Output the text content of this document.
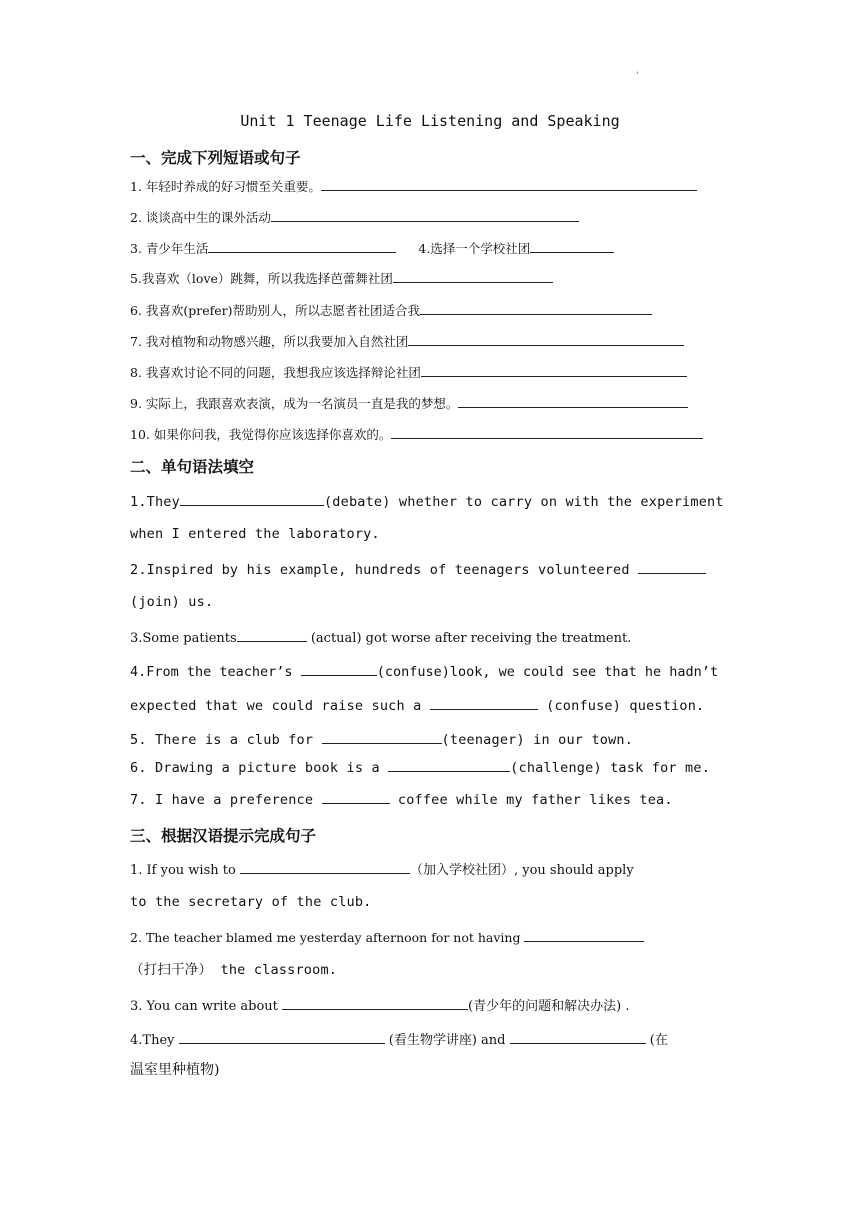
'
Unit 1 Teenage Life Listening and Speaking
一、完成下列短语或句子
1. 年轻时养成的好习惯至关重要。
2. 谈谈高中生的课外活动
3. 青少年生活	4.选择一个学校社团
5.我喜欢（love）跳舞，所以我选择芭蕾舞社团
6. 我喜欢(prefer)帮助别人，所以志愿者社团适合我
7. 我对植物和动物感兴趣，所以我要加入自然社团
8. 我喜欢讨论不同的问题，我想我应该选择辩论社团
9. 实际上，我跟喜欢表演，成为一名演员一直是我的梦想。
10. 如果你问我，我觉得你应该选择你喜欢的。
二、单句语法填空
1.They	(debate) whether to carry on with the experiment
when I entered the laboratory.
2.Inspired by his example, hundreds of teenagers volunteered
(join) us.
3.Some patients	(actual) got worse after receiving the treatment.
4.From the teacher’s	(confuse)look, we could see that he hadn’t
expected that we could raise such a	(confuse) question.
5. There is a club for	(teenager) in our town.
6. Drawing a picture book is a	(challenge) task for me.
7. I have a preference	coffee while my father likes tea.
三、根据汉语提示完成句子
1. If you wish to	（加入学校社团）, you should apply
to the secretary of the club.
2. The teacher blamed me yesterday afternoon for not having
（打扫干净） the classroom.
3. You can write about	(青少年的问题和解决办法) .
4.They	(看生物学讲座) and	(在
温室里种植物)
